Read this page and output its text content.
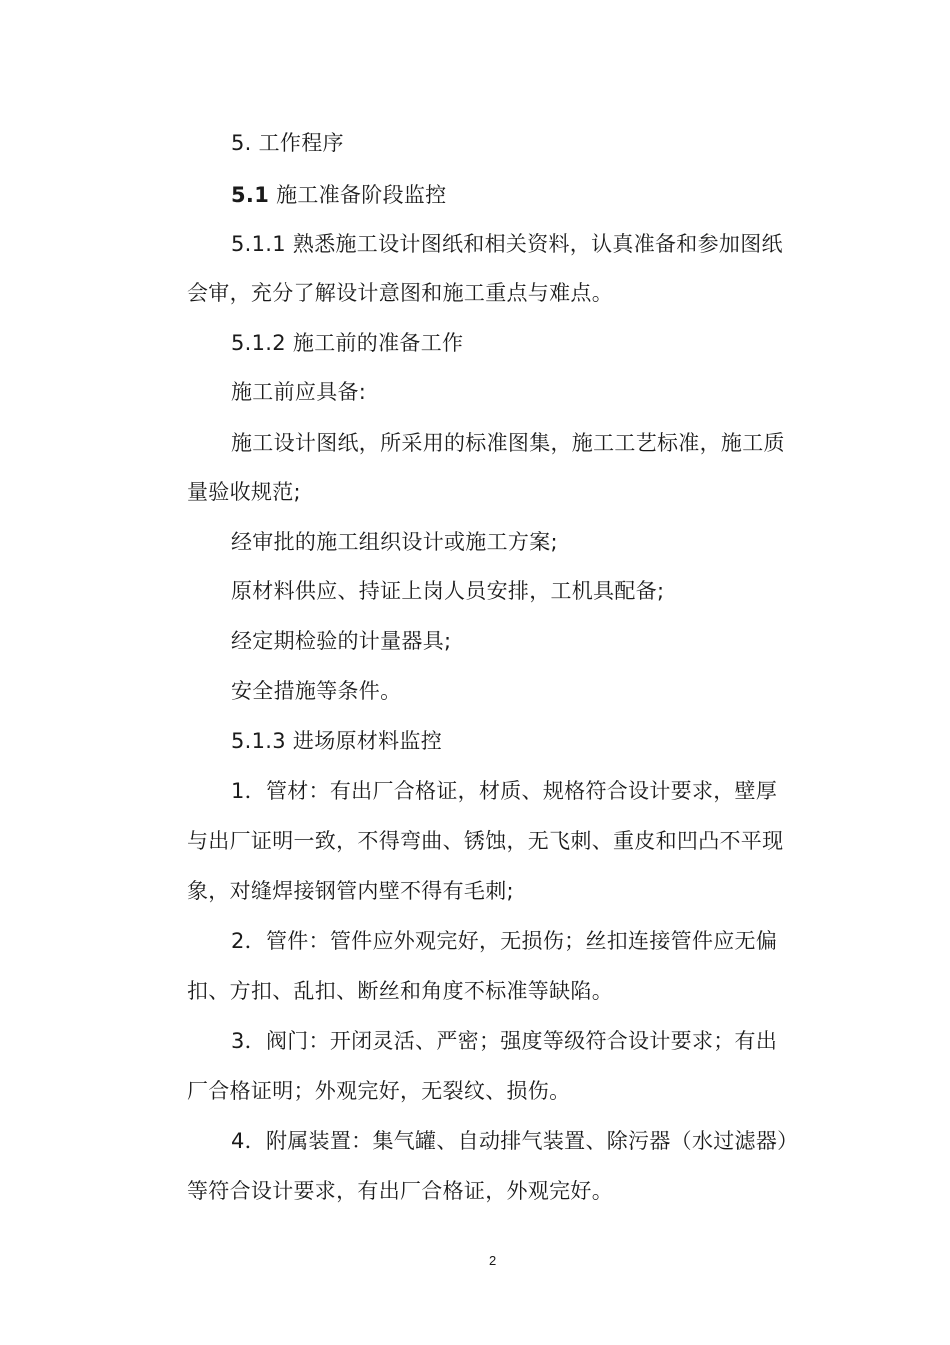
5. 工作程序
5.1 施工准备阶段监控
5.1.1 熟悉施工设计图纸和相关资料，认真准备和参加图纸
会审，充分了解设计意图和施工重点与难点。
5.1.2 施工前的准备工作
施工前应具备:
施工设计图纸，所采用的标准图集，施工工艺标准，施工质
量验收规范;
经审批的施工组织设计或施工方案;
原材料供应、持证上岗人员安排，工机具配备;
经定期检验的计量器具;
安全措施等条件。
5.1.3 进场原材料监控
1．管材：有出厂合格证，材质、规格符合设计要求，壁厚
与出厂证明一致，不得弯曲、锈蚀，无飞刺、重皮和凹凸不平现
象，对缝焊接钢管内壁不得有毛刺;
2．管件：管件应外观完好，无损伤；丝扣连接管件应无偏
扣、方扣、乱扣、断丝和角度不标准等缺陷。
3．阀门：开闭灵活、严密；强度等级符合设计要求；有出
厂合格证明；外观完好，无裂纹、损伤。
4．附属装置：集气罐、自动排气装置、除污器（水过滤器）
等符合设计要求，有出厂合格证，外观完好。
2
